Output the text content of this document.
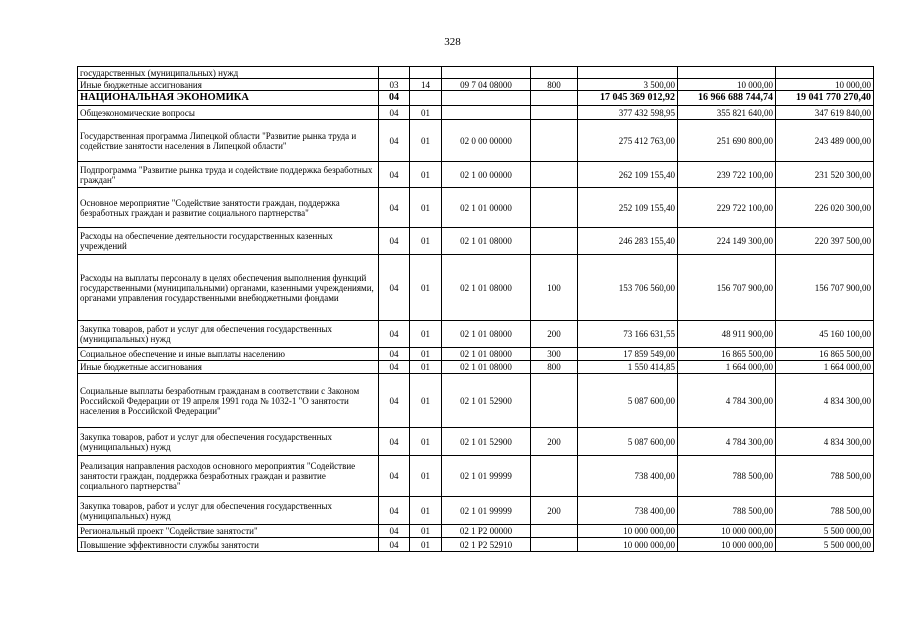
328
государственных (муниципальных) нужд							
Иные бюджетные ассигнования	03	14	09 7 04 08000	800	3 500,00	10 000,00	10 000,00
НАЦИОНАЛЬНАЯ ЭКОНОМИКА	04				17 045 369 012,92	16 966 688 744,74	19 041 770 270,40
Общеэкономические вопросы	04	01			377 432 598,95	355 821 640,00	347 619 840,00
Государственная программа Липецкой области "Развитие рынка труда и содействие занятости населения в Липецкой области"	04	01	02 0 00 00000		275 412 763,00	251 690 800,00	243 489 000,00
Подпрограмма "Развитие рынка труда и содействие поддержка безработных граждан"	04	01	02 1 00 00000		262 109 155,40	239 722 100,00	231 520 300,00
Основное мероприятие "Содействие занятости граждан, поддержка безработных граждан и развитие социального партнерства"	04	01	02 1 01 00000		252 109 155,40	229 722 100,00	226 020 300,00
Расходы на обеспечение деятельности государственных казенных учреждений	04	01	02 1 01 08000		246 283 155,40	224 149 300,00	220 397 500,00
Расходы на выплаты персоналу в целях обеспечения выполнения функций государственными (муниципальными) органами, казенными учреждениями, органами управления государственными внебюджетными фондами	04	01	02 1 01 08000	100	153 706 560,00	156 707 900,00	156 707 900,00
Закупка товаров, работ и услуг для обеспечения государственных (муниципальных) нужд	04	01	02 1 01 08000	200	73 166 631,55	48 911 900,00	45 160 100,00
Социальное обеспечение и иные выплаты населению	04	01	02 1 01 08000	300	17 859 549,00	16 865 500,00	16 865 500,00
Иные бюджетные ассигнования	04	01	02 1 01 08000	800	1 550 414,85	1 664 000,00	1 664 000,00
Социальные выплаты безработным гражданам в соответствии с Законом Российской Федерации от 19 апреля 1991 года № 1032-1 "О занятости населения в Российской Федерации"	04	01	02 1 01 52900		5 087 600,00	4 784 300,00	4 834 300,00
Закупка товаров, работ и услуг для обеспечения государственных (муниципальных) нужд	04	01	02 1 01 52900	200	5 087 600,00	4 784 300,00	4 834 300,00
Реализация направления расходов основного мероприятия "Содействие занятости граждан, поддержка безработных граждан и развитие социального партнерства"	04	01	02 1 01 99999		738 400,00	788 500,00	788 500,00
Закупка товаров, работ и услуг для обеспечения государственных (муниципальных) нужд	04	01	02 1 01 99999	200	738 400,00	788 500,00	788 500,00
Региональный проект "Содействие занятости"	04	01	02 1 Р2 00000		10 000 000,00	10 000 000,00	5 500 000,00
Повышение эффективности службы занятости	04	01	02 1 Р2 52910		10 000 000,00	10 000 000,00	5 500 000,00
